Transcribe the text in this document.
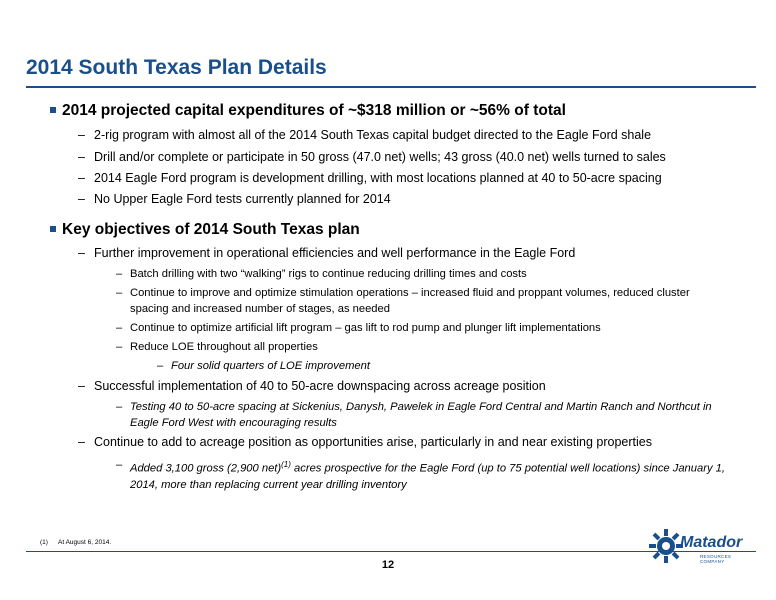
2014 South Texas Plan Details
2014 projected capital expenditures of ~$318 million or ~56% of total
– 2-rig program with almost all of the 2014 South Texas capital budget directed to the Eagle Ford shale
– Drill and/or complete or participate in 50 gross (47.0 net) wells; 43 gross (40.0 net) wells turned to sales
– 2014 Eagle Ford program is development drilling, with most locations planned at 40 to 50-acre spacing
– No Upper Eagle Ford tests currently planned for 2014
Key objectives of 2014 South Texas plan
– Further improvement in operational efficiencies and well performance in the Eagle Ford
– Batch drilling with two “walking” rigs to continue reducing drilling times and costs
– Continue to improve and optimize stimulation operations – increased fluid and proppant volumes, reduced cluster spacing and increased number of stages, as needed
– Continue to optimize artificial lift program – gas lift to rod pump and plunger lift implementations
– Reduce LOE throughout all properties
– Four solid quarters of LOE improvement
– Successful implementation of 40 to 50-acre downspacing across acreage position
– Testing 40 to 50-acre spacing at Sickenius, Danysh, Pawelek in Eagle Ford Central and Martin Ranch and Northcut in Eagle Ford West with encouraging results
– Continue to add to acreage position as opportunities arise, particularly in and near existing properties
– Added 3,100 gross (2,900 net)$^{(1)}$ acres prospective for the Eagle Ford (up to 75 potential well locations) since January 1, 2014, more than replacing current year drilling inventory
(1) At August 6, 2014.
12
Matador
RESOURCES COMPANY
